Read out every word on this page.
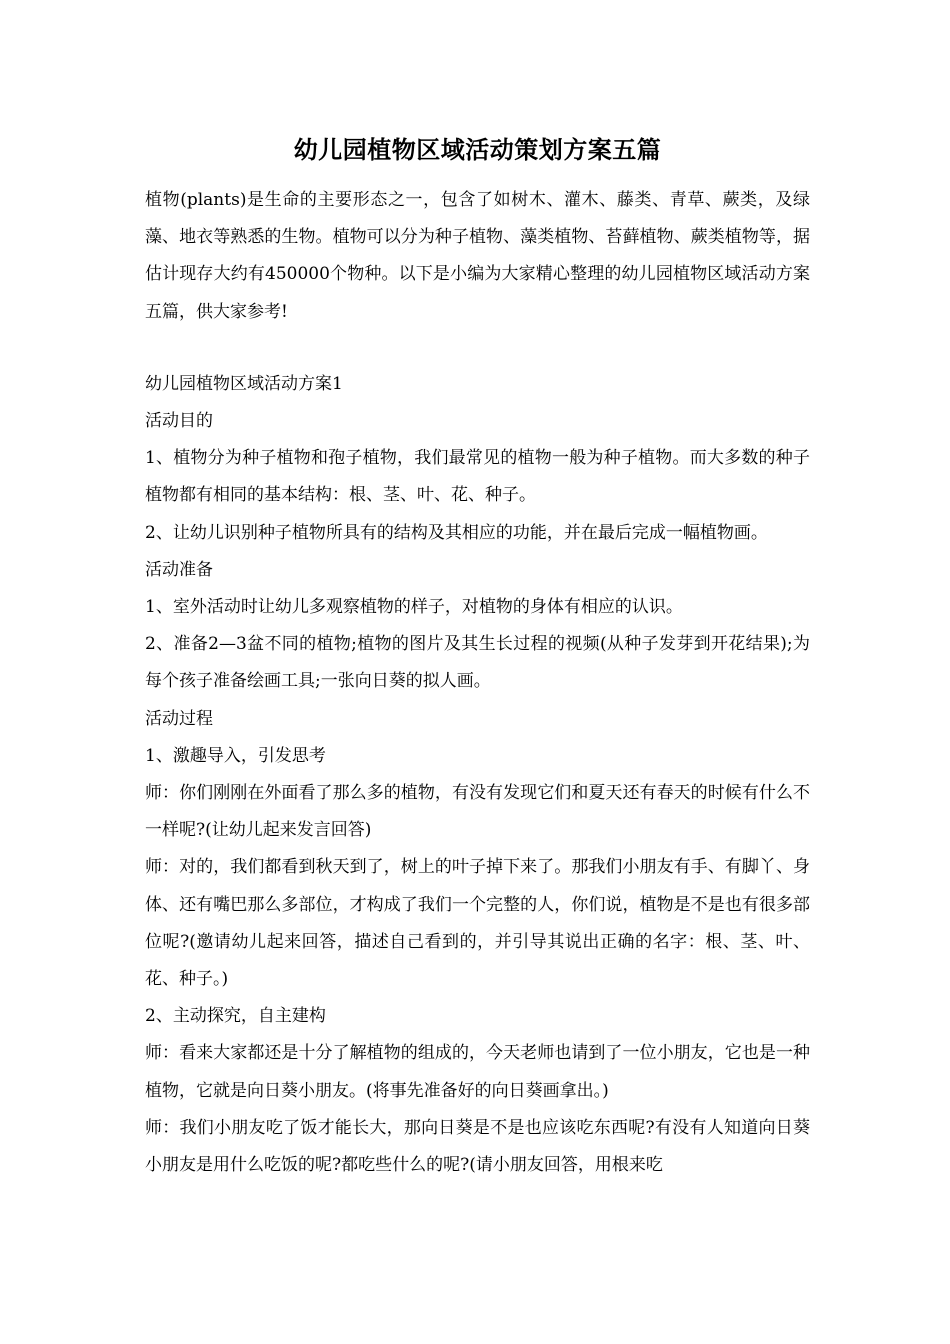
幼儿园植物区域活动策划方案五篇

植物(plants)是生命的主要形态之一，包含了如树木、灌木、藤类、青草、蕨类，及绿藻、地衣等熟悉的生物。植物可以分为种子植物、藻类植物、苔藓植物、蕨类植物等，据估计现存大约有450000个物种。以下是小编为大家精心整理的幼儿园植物区域活动方案五篇，供大家参考!

幼儿园植物区域活动方案1

活动目的

1、植物分为种子植物和孢子植物，我们最常见的植物一般为种子植物。而大多数的种子植物都有相同的基本结构：根、茎、叶、花、种子。

2、让幼儿识别种子植物所具有的结构及其相应的功能，并在最后完成一幅植物画。

活动准备

1、室外活动时让幼儿多观察植物的样子，对植物的身体有相应的认识。

2、准备2—3盆不同的植物;植物的图片及其生长过程的视频(从种子发芽到开花结果);为每个孩子准备绘画工具;一张向日葵的拟人画。

活动过程

1、激趣导入，引发思考

师：你们刚刚在外面看了那么多的植物，有没有发现它们和夏天还有春天的时候有什么不一样呢?(让幼儿起来发言回答)

师：对的，我们都看到秋天到了，树上的叶子掉下来了。那我们小朋友有手、有脚丫、身体、还有嘴巴那么多部位，才构成了我们一个完整的人，你们说，植物是不是也有很多部位呢?(邀请幼儿起来回答，描述自己看到的，并引导其说出正确的名字：根、茎、叶、花、种子。)

2、主动探究，自主建构

师：看来大家都还是十分了解植物的组成的，今天老师也请到了一位小朋友，它也是一种植物，它就是向日葵小朋友。(将事先准备好的向日葵画拿出。)

师：我们小朋友吃了饭才能长大，那向日葵是不是也应该吃东西呢?有没有人知道向日葵小朋友是用什么吃饭的呢?都吃些什么的呢?(请小朋友回答，用根来吃
